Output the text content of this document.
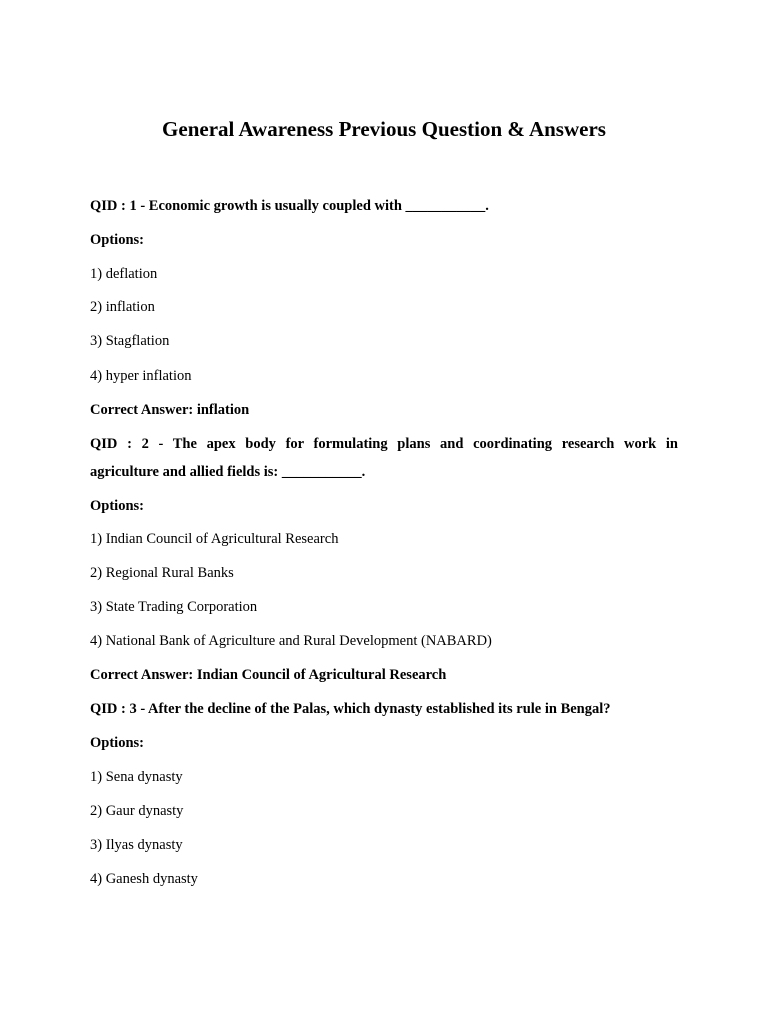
General Awareness Previous Question & Answers
QID : 1 - Economic growth is usually coupled with ___________.
Options:
1) deflation
2) inflation
3) Stagflation
4) hyper inflation
Correct Answer: inflation
QID : 2 - The apex body for formulating plans and coordinating research work in
agriculture and allied fields is: ___________.
Options:
1) Indian Council of Agricultural Research
2) Regional Rural Banks
3) State Trading Corporation
4) National Bank of Agriculture and Rural Development (NABARD)
Correct Answer: Indian Council of Agricultural Research
QID : 3 - After the decline of the Palas, which dynasty established its rule in Bengal?
Options:
1) Sena dynasty
2) Gaur dynasty
3) Ilyas dynasty
4) Ganesh dynasty
